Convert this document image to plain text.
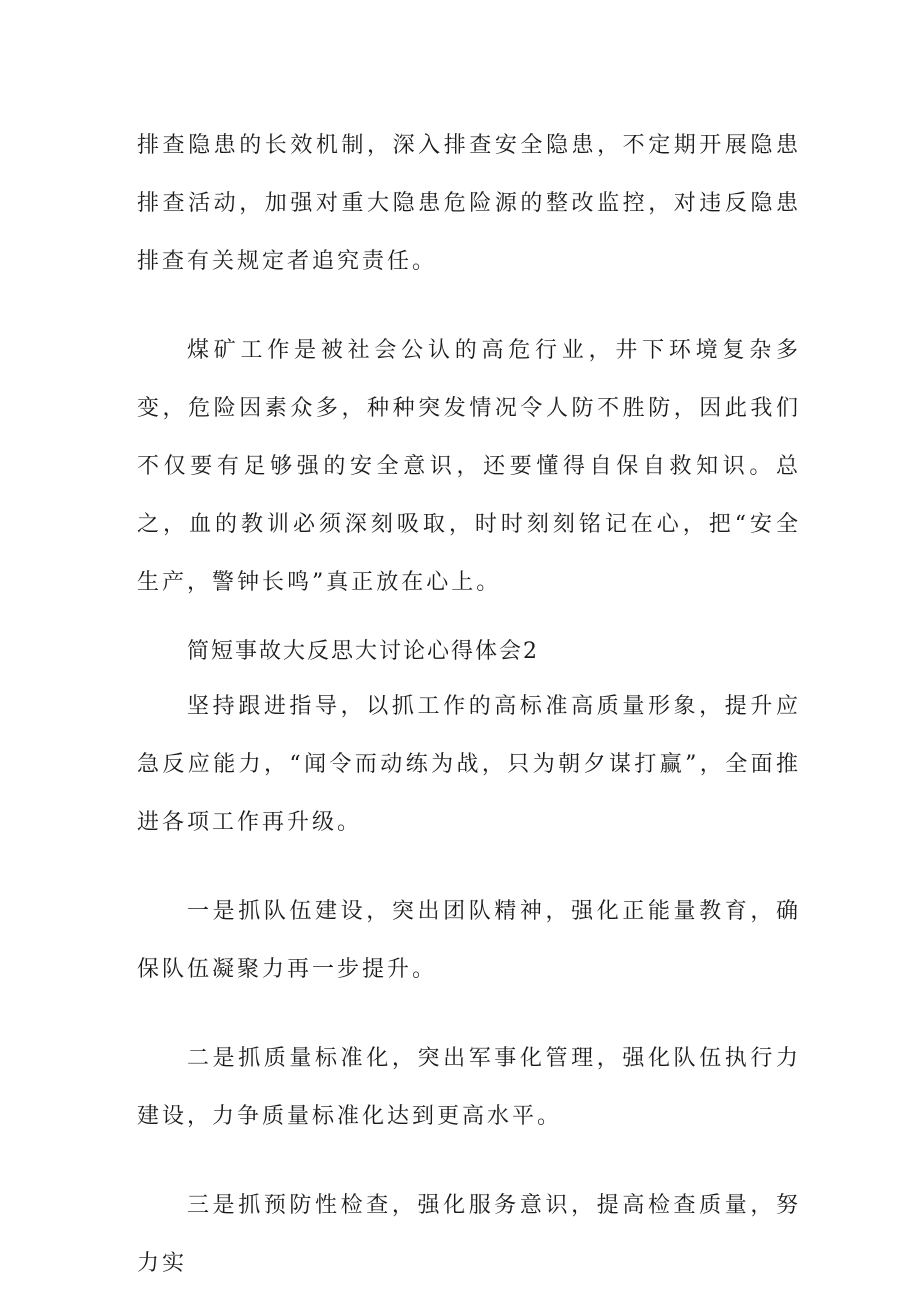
排查隐患的长效机制，深入排查安全隐患，不定期开展隐患排查活动，加强对重大隐患危险源的整改监控，对违反隐患排查有关规定者追究责任。

煤矿工作是被社会公认的高危行业，井下环境复杂多变，危险因素众多，种种突发情况令人防不胜防，因此我们不仅要有足够强的安全意识，还要懂得自保自救知识。总之，血的教训必须深刻吸取，时时刻刻铭记在心，把“安全生产，警钟长鸣”真正放在心上。

简短事故大反思大讨论心得体会2

坚持跟进指导，以抓工作的高标准高质量形象，提升应急反应能力，“闻令而动练为战，只为朝夕谋打赢”，全面推进各项工作再升级。

一是抓队伍建设，突出团队精神，强化正能量教育，确保队伍凝聚力再一步提升。

二是抓质量标准化，突出军事化管理，强化队伍执行力建设，力争质量标准化达到更高水平。

三是抓预防性检查，强化服务意识，提高检查质量，努力实
